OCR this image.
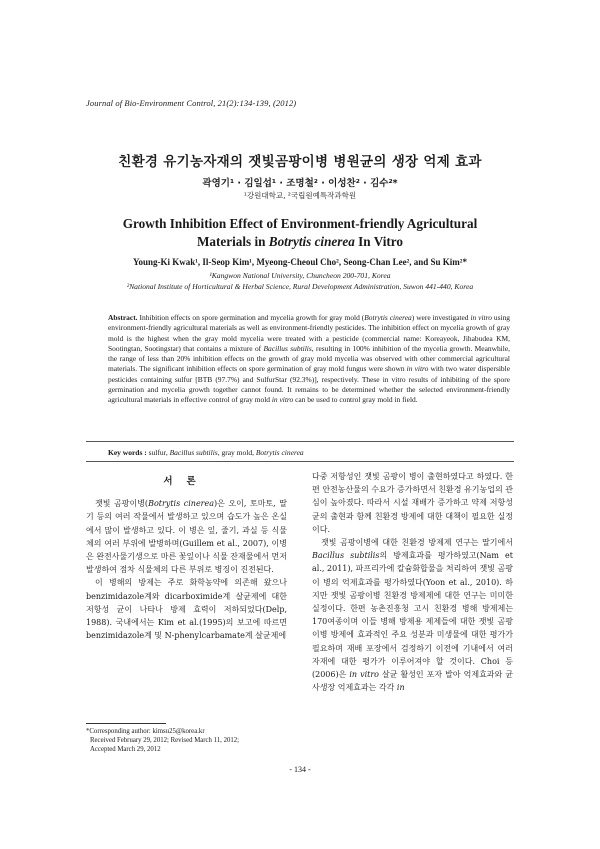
Journal of Bio-Environment Control, 21(2):134-139, (2012)
친환경 유기농자재의 잿빛곰팡이병 병원균의 생장 억제 효과
곽영기¹ · 김일섭¹ · 조명철² · 이성찬² · 김수²*
¹강원대학교, ²국립원예특작과학원
Growth Inhibition Effect of Environment-friendly Agricultural
Materials in Botrytis cinerea In Vitro
Young-Ki Kwak¹, Il-Seop Kim¹, Myeong-Cheoul Cho², Seong-Chan Lee², and Su Kim²*
¹Kangwon National University, Chuncheon 200-701, Korea
²National Institute of Horticultural & Herbal Science, Rural Development Administration, Suwon 441-440, Korea
Abstract. Inhibition effects on spore germination and mycelia growth for gray mold (Botrytis cinerea) were investigated in vitro using environment-friendly agricultural materials as well as environment-friendly pesticides. The inhibition effect on mycelia growth of gray mold is the highest when the gray mold mycelia were treated with a pesticide (commercial name: Koreayeok, Jihabudea KM, Sootingtan, Sootingstar) that contains a mixture of Bacillus subtilis, resulting in 100% inhibition of the mycelia growth. Meanwhile, the range of less than 20% inhibition effects on the growth of gray mold mycelia was observed with other commercial agricultural materials. The significant inhibition effects on spore germination of gray mold fungus were shown in vitro with two water dispersible pesticides containing sulfur [BTB (97.7%) and SulfurStar (92.3%)], respectively. These in vitro results of inhibiting of the spore germination and mycelia growth together cannot found. It remains to be determined whether the selected environment-friendly agricultural materials in effective control of gray mold in vitro can be used to control gray mold in field.
Key words : sulfur, Bacillus subtilis, gray mold, Botrytis cinerea
서론

잿빛 곰팡이병(Botrytis cinerea)은 오이, 토마토, 딸기 등의 여러 작물에서 발생하고 있으며 습도가 높은 온실에서 많이 발생하고 있다. 이 병은 잎, 줄기, 과실 등 식물체의 여러 부위에 발병하며(Guillem et al., 2007), 이병은 완전사물기생으로 마른 꽃잎이나 식물 잔재물에서 먼저 발생하여 점차 식물체의 다른 부위로 병징이 진전된다.

이 병해의 방제는 주로 화학농약에 의존해 왔으나 benzimidazole계와 dicarboximide계 살균제에 대한 저항성 균이 나타나 방제 효력이 저하되었다(Delp, 1988). 국내에서는 Kim et al.(1995)의 보고에 따르면 benzimidazole계 및 N-phenylcarbamate계 살균제에

다중 저항성인 잿빛 곰팡이 병이 출현하였다고 하였다. 한편 안전농산물의 수요가 증가하면서 친환경 유기농업의 관심이 높아졌다. 따라서 시설 재배가 증가하고 약제 저항성균의 출현과 함께 친환경 방제에 대한 대책이 필요한 실정이다.

잿빛 곰팡이병에 대한 친환경 방제제 연구는 딸기에서 Bacillus subtilis의 방제효과를 평가하였고(Nam et al., 2011), 파프리카에 칼슘화합물을 처리하여 잿빛 곰팡이 병의 억제효과를 평가하였다(Yoon et al., 2010). 하지만 잿빛 곰팡이병 친환경 방제제에 대한 연구는 미미한 실정이다. 한편 농촌진흥청 고시 친환경 병해 방제제는 170여종이며 이들 병해 방제용 제제들에 대한 잿빛 곰팡이병 방제에 효과적인 주요 성분과 미생물에 대한 평가가 필요하며 재배 포장에서 검정하기 이전에 기내에서 여러 자재에 대한 평가가 이루어져야 할 것이다. Choi 등(2006)은 in vitro 살균 활성인 포자 발아 억제효과와 균사생장 억제효과는 각각 in

*Corresponding author: kimsu25@korea.kr
Received February 29, 2012; Revised March 11, 2012;
Accepted March 29, 2012
- 134 -
